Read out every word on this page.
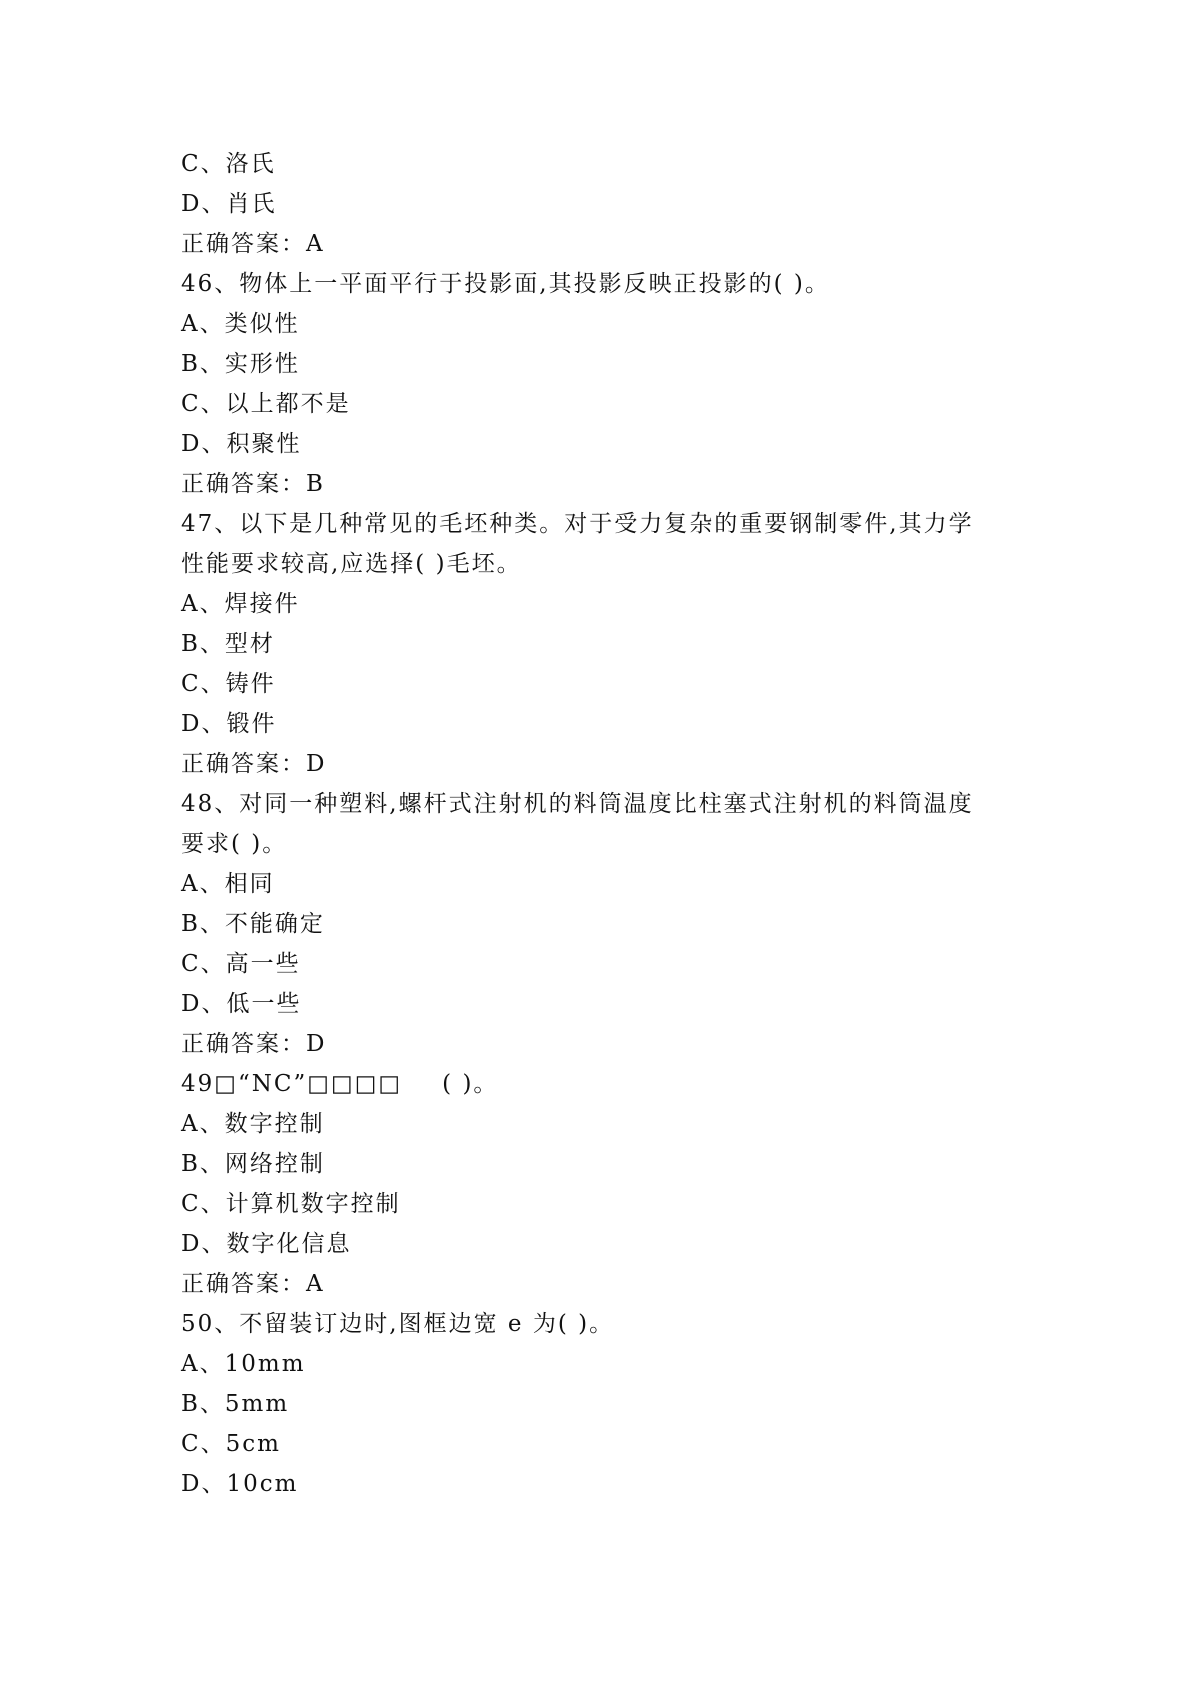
C、洛氏
D、肖氏
正确答案：A
46、物体上一平面平行于投影面,其投影反映正投影的( )。
A、类似性
B、实形性
C、以上都不是
D、积聚性
正确答案：B
47、以下是几种常见的毛坯种类。对于受力复杂的重要钢制零件,其力学
性能要求较高,应选择( )毛坯。
A、焊接件
B、型材
C、铸件
D、锻件
正确答案：D
48、对同一种塑料,螺杆式注射机的料筒温度比柱塞式注射机的料筒温度
要求( )。
A、相同
B、不能确定
C、高一些
D、低一些
正确答案：D
49□“NC”□□□□ ( )。
A、数字控制
B、网络控制
C、计算机数字控制
D、数字化信息
正确答案：A
50、不留装订边时,图框边宽 e 为( )。
A、10mm
B、5mm
C、5cm
D、10cm
